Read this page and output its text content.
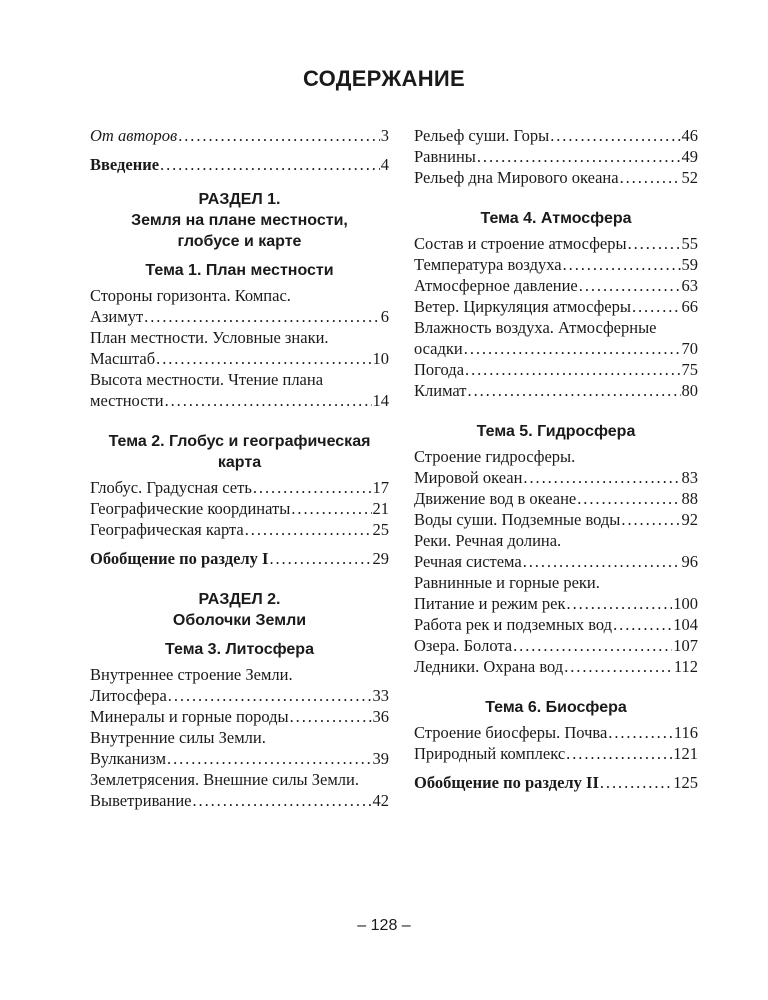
СОДЕРЖАНИЕ
От авторов . . .	3
Введение . . .	4
РАЗДЕЛ 1.
Земля на плане местности,
глобусе и карте
Тема 1. План местности
Стороны горизонта. Компас.
Азимут . . .	6
План местности. Условные знаки.
Масштаб . . .	10
Высота местности. Чтение плана
местности . . .	14
Тема 2. Глобус и географическая
карта
Глобус. Градусная сеть . . .	17
Географические координаты . . .	21
Географическая карта . . .	25
Обобщение по разделу I . . .	29
РАЗДЕЛ 2.
Оболочки Земли
Тема 3. Литосфера
Внутреннее строение Земли.
Литосфера . . .	33
Минералы и горные породы . . .	36
Внутренние силы Земли.
Вулканизм . . .	39
Землетрясения. Внешние силы Земли.
Выветривание . . .	42
Рельеф суши. Горы . . .	46
Равнины . . .	49
Рельеф дна Мирового океана . . .	52
Тема 4. Атмосфера
Состав и строение атмосферы . . .	55
Температура воздуха . . .	59
Атмосферное давление . . .	63
Ветер. Циркуляция атмосферы . . .	66
Влажность воздуха. Атмосферные
осадки . . .	70
Погода . . .	75
Климат . . .	80
Тема 5. Гидросфера
Строение гидросферы.
Мировой океан . . .	83
Движение вод в океане . . .	88
Воды суши. Подземные воды . . .	92
Реки. Речная долина.
Речная система . . .	96
Равнинные и горные реки.
Питание и режим рек . . .	100
Работа рек и подземных вод . . .	104
Озера. Болота . . .	107
Ледники. Охрана вод . . .	112
Тема 6. Биосфера
Строение биосферы. Почва . . .	116
Природный комплекс . . .	121
Обобщение по разделу II . . .	125
– 128 –
